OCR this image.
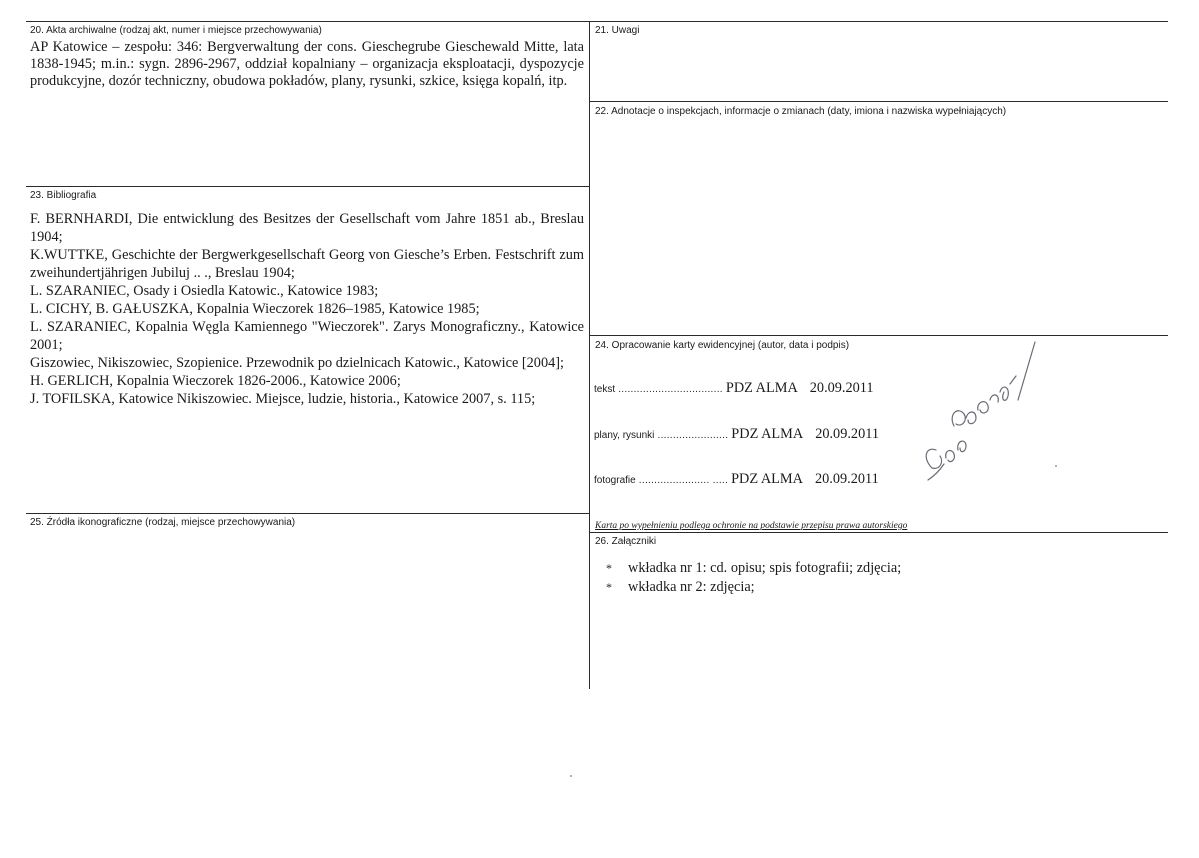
20. Akta archiwalne (rodzaj akt, numer i miejsce przechowywania)

AP Katowice – zespołu: 346: Bergverwaltung der cons. Gieschegrube Gieschewald Mitte, lata 1838-1945; m.in.: sygn. 2896-2967, oddział kopalniany – organizacja eksploatacji, dyspozycje produkcyjne, dozór techniczny, obudowa pokładów, plany, rysunki, szkice, księga kopalń, itp.

21. Uwagi
22. Adnotacje o inspekcjach, informacje o zmianach (daty, imiona i nazwiska wypełniających)
23. Bibliografia
F. BERNHARDI, Die entwicklung des Besitzes der Gesellschaft vom Jahre 1851 ab., Breslau 1904;
K.WUTTKE, Geschichte der Bergwerkgesellschaft Georg von Giesche’s Erben. Festschrift zum zweihundertjährigen Jubiluj .. ., Breslau 1904;
L. SZARANIEC, Osady i Osiedla Katowic., Katowice 1983;
L. CICHY, B. GAŁUSZKA, Kopalnia Wieczorek 1826–1985, Katowice 1985;
L. SZARANIEC, Kopalnia Węgla Kamiennego "Wieczorek". Zarys Monograficzny., Katowice 2001;
Giszowiec, Nikiszowiec, Szopienice. Przewodnik po dzielnicach Katowic., Katowice [2004];
H. GERLICH, Kopalnia Wieczorek 1826-2006., Katowice 2006;
J. TOFILSKA, Katowice Nikiszowiec. Miejsce, ludzie, historia., Katowice 2007, s. 115;
24. Opracowanie karty ewidencyjnej (autor, data i podpis)
tekst .................................. PDZ ALMA 20.09.2011
plany, rysunki ....................... PDZ ALMA 20.09.2011
fotografie ....................... ..... PDZ ALMA 20.09.2011
Karta po wypełnieniu podlega ochronie na podstawie przepisu prawa autorskiego
25. Źródła ikonograficzne (rodzaj, miejsce przechowywania)
26. Załączniki
* wkładka nr 1: cd. opisu; spis fotografii; zdjęcia;
* wkładka nr 2: zdjęcia;
